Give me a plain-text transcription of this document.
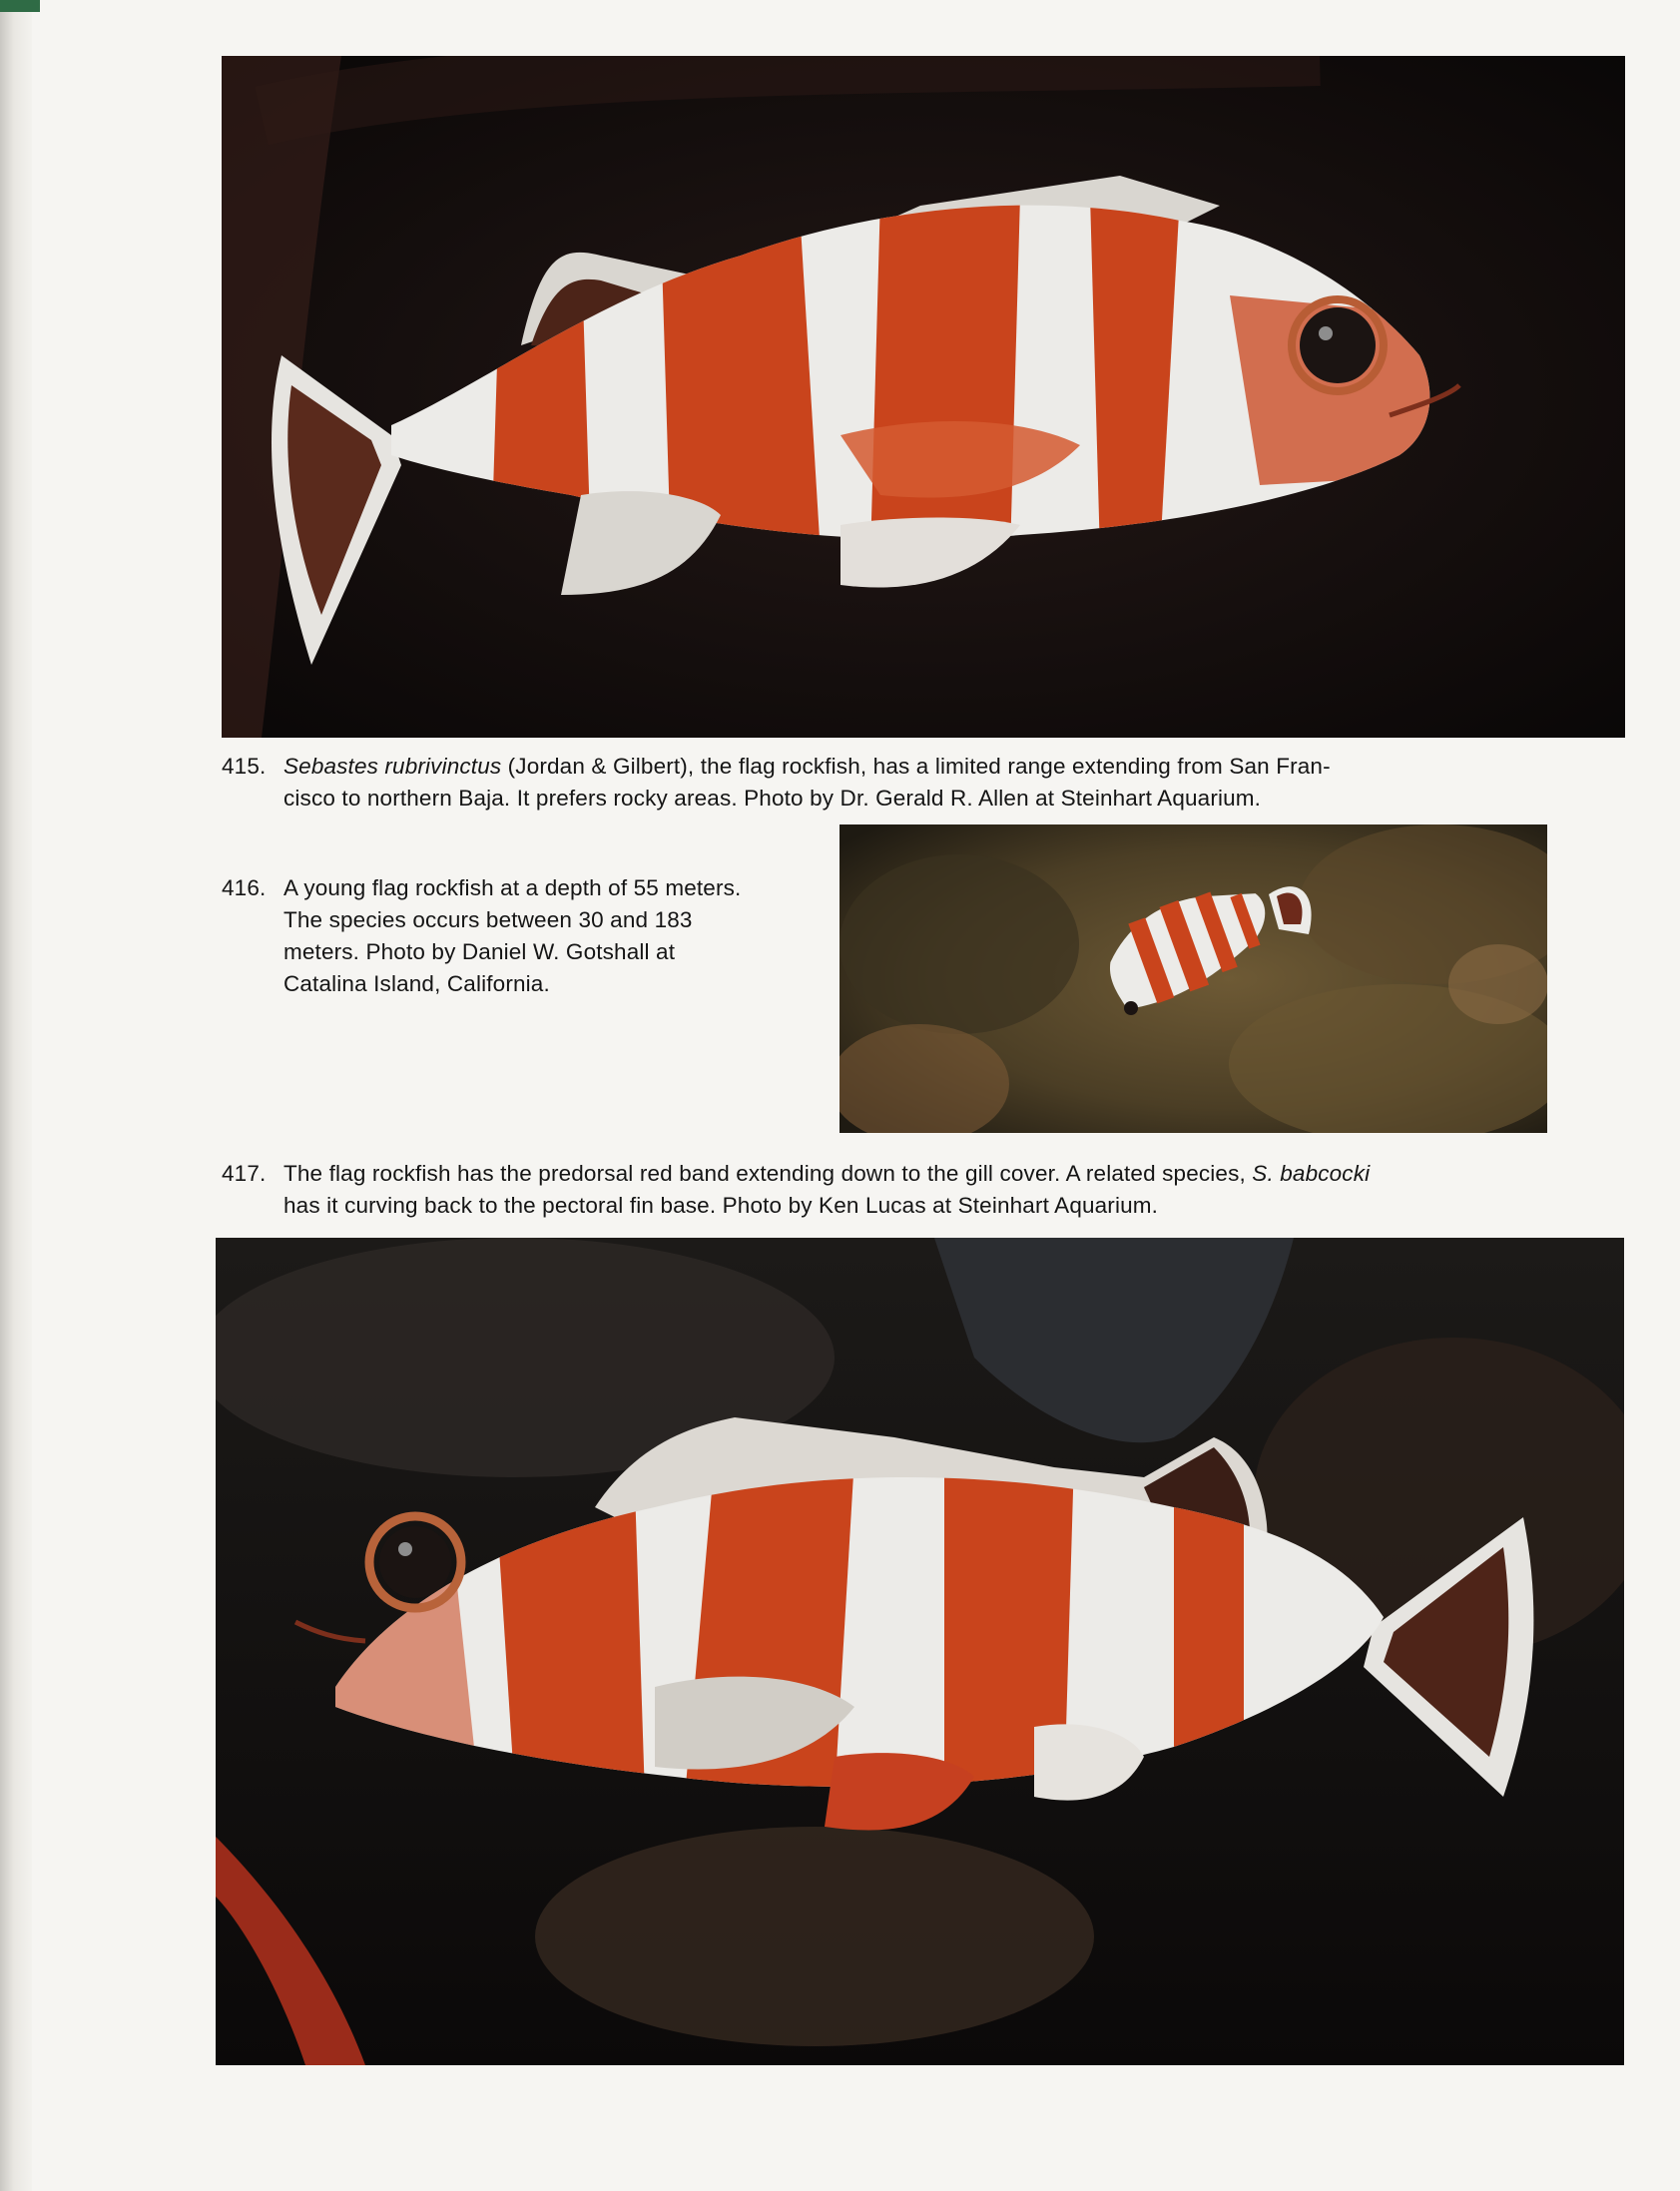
415. Sebastes rubrivinctus (Jordan & Gilbert), the flag rockfish, has a limited range extending from San Fran-
cisco to northern Baja. It prefers rocky areas. Photo by Dr. Gerald R. Allen at Steinhart Aquarium.
416. A young flag rockfish at a depth of 55 meters.
The species occurs between 30 and 183
meters. Photo by Daniel W. Gotshall at
Catalina Island, California.
417. The flag rockfish has the predorsal red band extending down to the gill cover. A related species, S. babcocki
has it curving back to the pectoral fin base. Photo by Ken Lucas at Steinhart Aquarium.
